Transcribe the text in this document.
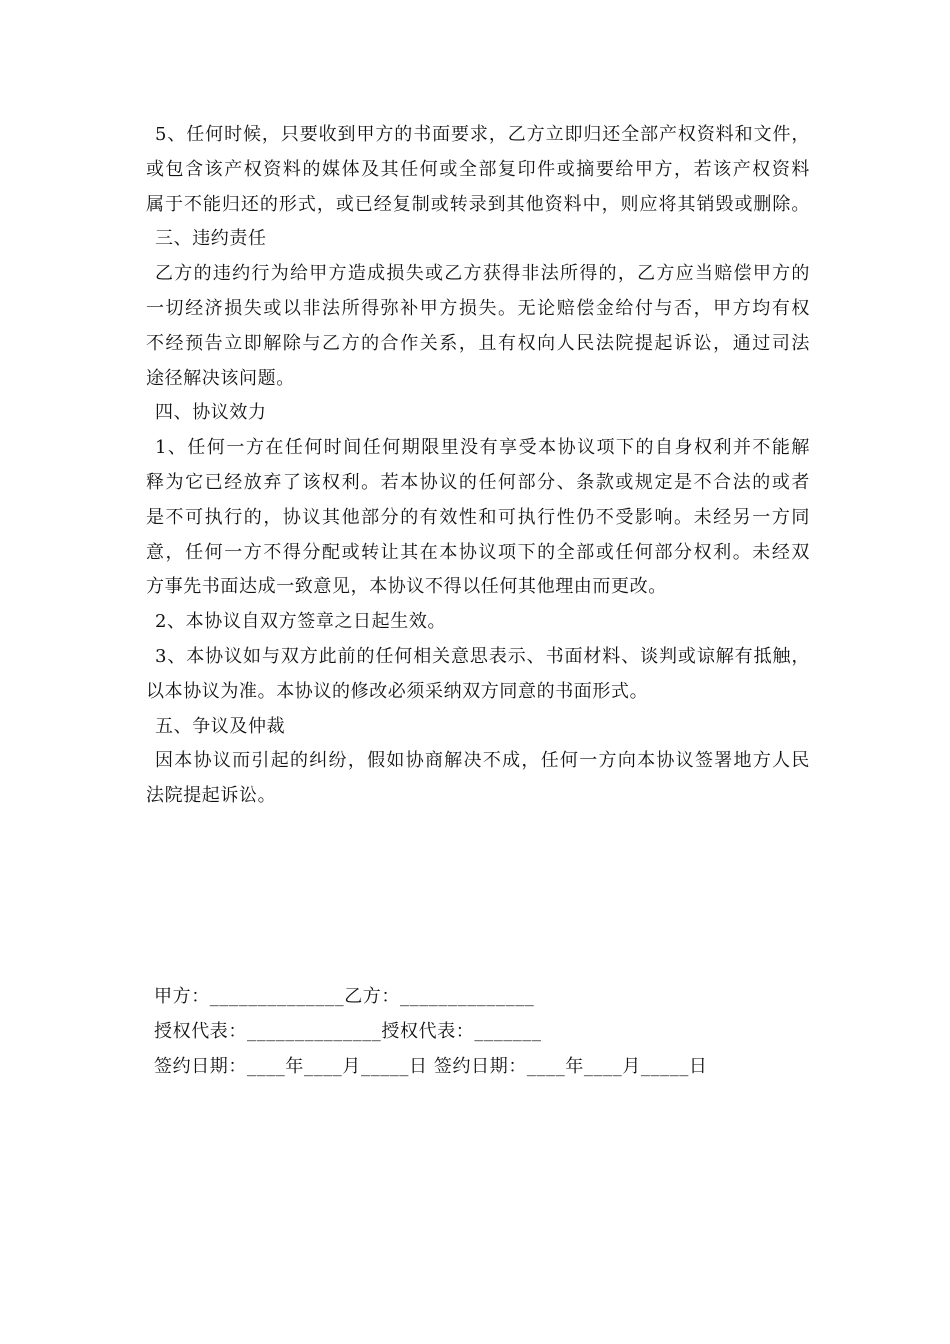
5、任何时候，只要收到甲方的书面要求，乙方立即归还全部产权资料和文件，
或包含该产权资料的媒体及其任何或全部复印件或摘要给甲方，若该产权资料
属于不能归还的形式，或已经复制或转录到其他资料中，则应将其销毁或删除。
三、违约责任
乙方的违约行为给甲方造成损失或乙方获得非法所得的，乙方应当赔偿甲方的
一切经济损失或以非法所得弥补甲方损失。无论赔偿金给付与否，甲方均有权
不经预告立即解除与乙方的合作关系，且有权向人民法院提起诉讼，通过司法
途径解决该问题。
四、协议效力
1、任何一方在任何时间任何期限里没有享受本协议项下的自身权利并不能解
释为它已经放弃了该权利。若本协议的任何部分、条款或规定是不合法的或者
是不可执行的，协议其他部分的有效性和可执行性仍不受影响。未经另一方同
意，任何一方不得分配或转让其在本协议项下的全部或任何部分权利。未经双
方事先书面达成一致意见，本协议不得以任何其他理由而更改。
2、本协议自双方签章之日起生效。
3、本协议如与双方此前的任何相关意思表示、书面材料、谈判或谅解有抵触，
以本协议为准。本协议的修改必须采纳双方同意的书面形式。
五、争议及仲裁
因本协议而引起的纠纷，假如协商解决不成，任何一方向本协议签署地方人民
法院提起诉讼。
甲方：______________乙方：______________
授权代表：______________授权代表：_______
签约日期：____年____月_____日 签约日期：____年____月_____日
